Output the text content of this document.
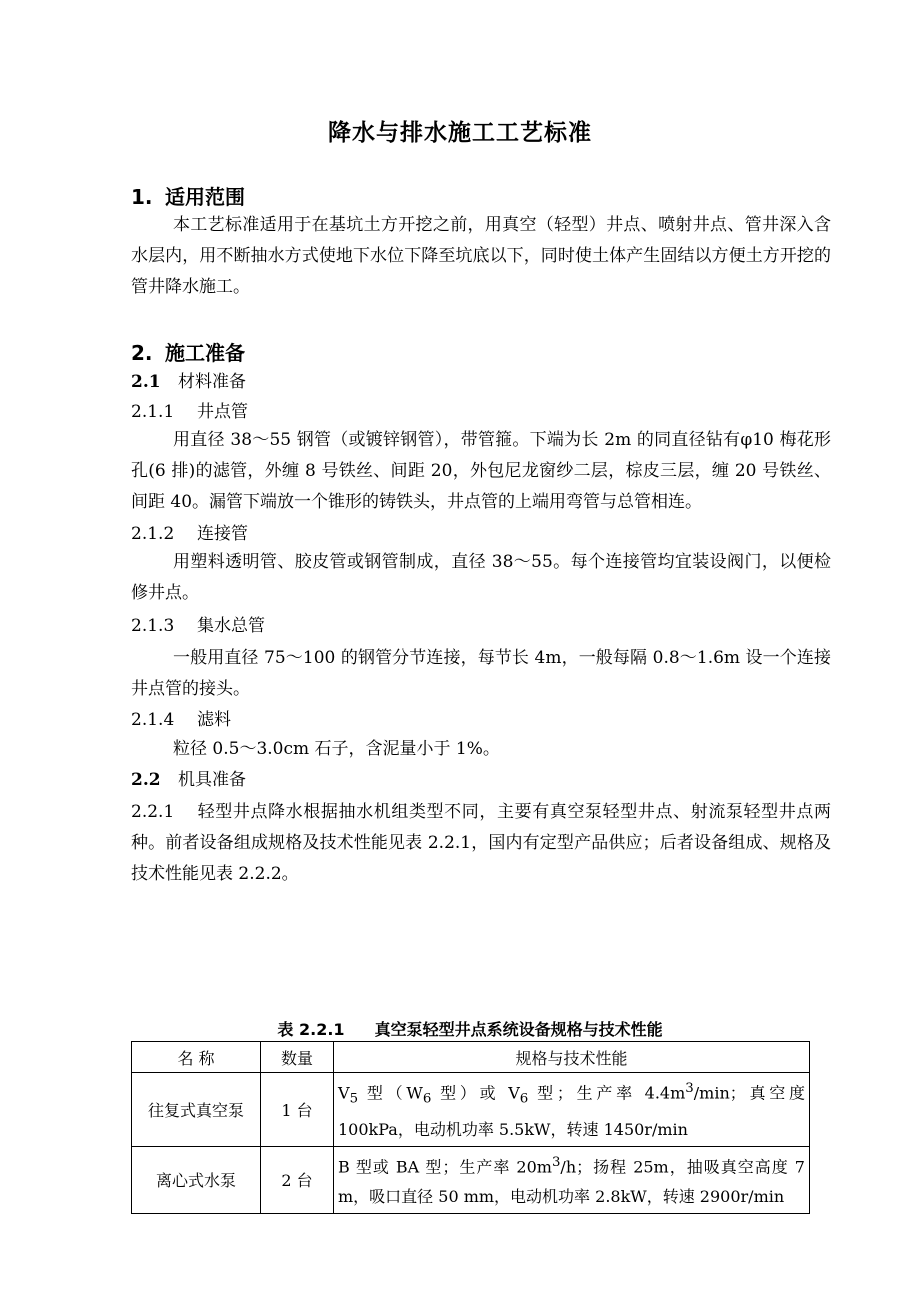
降水与排水施工工艺标准
1. 适用范围
本工艺标准适用于在基坑土方开挖之前，用真空（轻型）井点、喷射井点、管井深入含水层内，用不断抽水方式使地下水位下降至坑底以下，同时使土体产生固结以方便土方开挖的管井降水施工。
2. 施工准备
2.1 材料准备
2.1.1 井点管
用直径 38～55 钢管（或镀锌钢管），带管箍。下端为长 2m 的同直径钻有φ10 梅花形孔(6 排)的滤管，外缠 8 号铁丝、间距 20，外包尼龙窗纱二层，棕皮三层，缠 20 号铁丝、间距 40。漏管下端放一个锥形的铸铁头，井点管的上端用弯管与总管相连。
2.1.2 连接管
用塑料透明管、胶皮管或钢管制成，直径 38～55。每个连接管均宜装设阀门，以便检修井点。
2.1.3 集水总管
一般用直径 75～100 的钢管分节连接，每节长 4m，一般每隔 0.8～1.6m 设一个连接井点管的接头。
2.1.4 滤料
粒径 0.5～3.0cm 石子，含泥量小于 1%。
2.2 机具准备
2.2.1 轻型井点降水根据抽水机组类型不同，主要有真空泵轻型井点、射流泵轻型井点两种。前者设备组成规格及技术性能见表 2.2.1，国内有定型产品供应；后者设备组成、规格及技术性能见表 2.2.2。
表 2.2.1 真空泵轻型井点系统设备规格与技术性能
名 称	数量	规格与技术性能
往复式真空泵	1 台	$V_5$ 型（$W_6$ 型）或 $V_6$ 型；生产率 $4.4m^3/\min$；真空度 100kPa，电动机功率 5.5kW，转速 1450r/min
离心式水泵	2 台	B 型或 BA 型；生产率 $20m^3/h$；扬程 25m，抽吸真空高度 7 m，吸口直径 50 mm，电动机功率 2.8kW，转速 2900r/min
